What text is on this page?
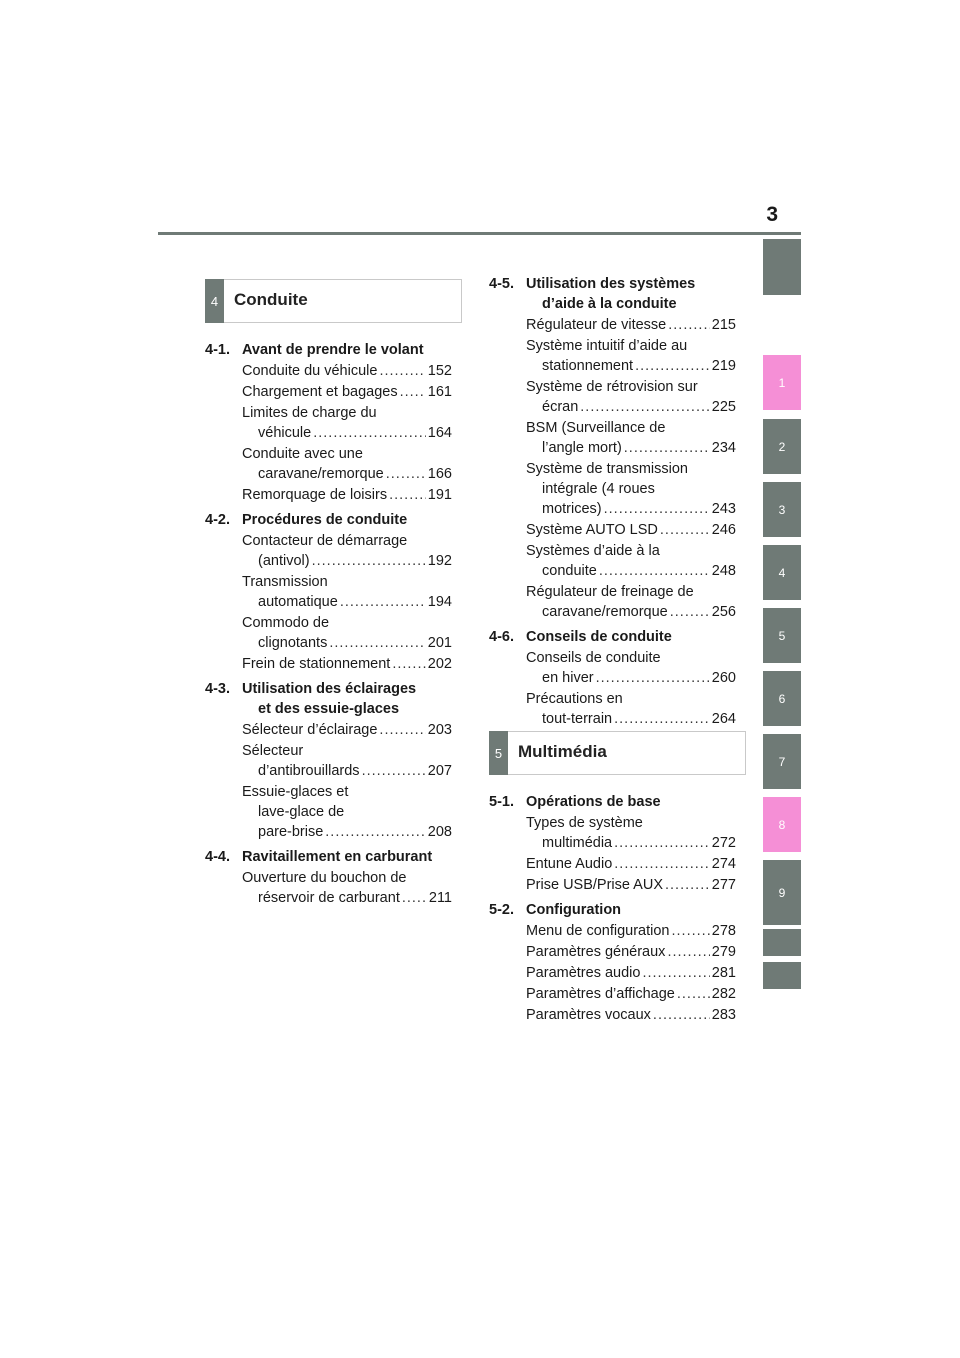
3
1
2
3
4
5
6
7
8
9
4 Conduite
5 Multimédia
4-1. Avant de prendre le volant
Conduite du véhicule .....	152
Chargement et bagages ..... 161
Limites de charge du
véhicule .....	164
Conduite avec une
caravane/remorque .....	166
Remorquage de loisirs .....	191
4-2. Procédures de conduite
Contacteur de démarrage
(antivol) .....	192
Transmission
automatique .....	194
Commodo de
clignotants .....	201
Frein de stationnement .....	202
4-3. Utilisation des éclairages
et des essuie-glaces
Sélecteur d’éclairage .....	203
Sélecteur
d’antibrouillards .....	207
Essuie-glaces et
lave-glace de
pare-brise .....	208
4-4. Ravitaillement en carburant
Ouverture du bouchon de
réservoir de carburant ..... 211
4-5. Utilisation des systèmes
d’aide à la conduite
Régulateur de vitesse .....	215
Système intuitif d’aide au
stationnement .....	219
Système de rétrovision sur
écran .....	225
BSM (Surveillance de
l’angle mort) .....	234
Système de transmission
intégrale (4 roues
motrices) .....	243
Système AUTO LSD .....	246
Systèmes d’aide à la
conduite .....	248
Régulateur de freinage de
caravane/remorque .....	256
4-6. Conseils de conduite
Conseils de conduite
en hiver .....	260
Précautions en
tout-terrain .....	264
5-1. Opérations de base
Types de système
multimédia .....	272
Entune Audio .....	274
Prise USB/Prise AUX .....	277
5-2. Configuration
Menu de configuration .....	278
Paramètres généraux .....	279
Paramètres audio .....	281
Paramètres d’affichage .....	282
Paramètres vocaux .....	283
